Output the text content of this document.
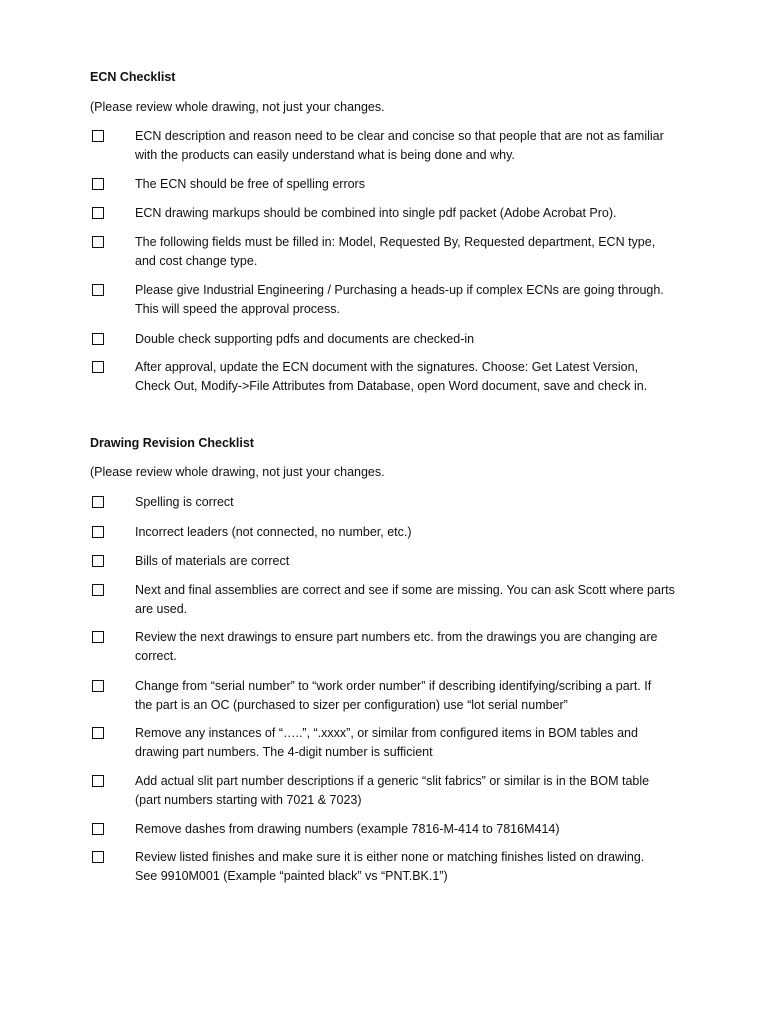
ECN Checklist
(Please review whole drawing, not just your changes.
ECN description and reason need to be clear and concise so that people that are not as familiar
with the products can easily understand what is being done and why.
The ECN should be free of spelling errors
ECN drawing markups should be combined into single pdf packet (Adobe Acrobat Pro).
The following fields must be filled in: Model, Requested By, Requested department, ECN type,
and cost change type.
Please give Industrial Engineering / Purchasing a heads-up if complex ECNs are going through.
This will speed the approval process.
Double check supporting pdfs and documents are checked-in
After approval, update the ECN document with the signatures. Choose: Get Latest Version,
Check Out, Modify->File Attributes from Database, open Word document, save and check in.
Drawing Revision Checklist
(Please review whole drawing, not just your changes.
Spelling is correct
Incorrect leaders (not connected, no number, etc.)
Bills of materials are correct
Next and final assemblies are correct and see if some are missing. You can ask Scott where parts
are used.
Review the next drawings to ensure part numbers etc. from the drawings you are changing are
correct.
Change from “serial number” to “work order number” if describing identifying/scribing a part. If
the part is an OC (purchased to sizer per configuration) use “lot serial number”
Remove any instances of “…..”, “.xxxx”, or similar from configured items in BOM tables and
drawing part numbers. The 4-digit number is sufficient
Add actual slit part number descriptions if a generic “slit fabrics” or similar is in the BOM table
(part numbers starting with 7021 & 7023)
Remove dashes from drawing numbers (example 7816-M-414 to 7816M414)
Review listed finishes and make sure it is either none or matching finishes listed on drawing.
See 9910M001 (Example “painted black” vs “PNT.BK.1”)
